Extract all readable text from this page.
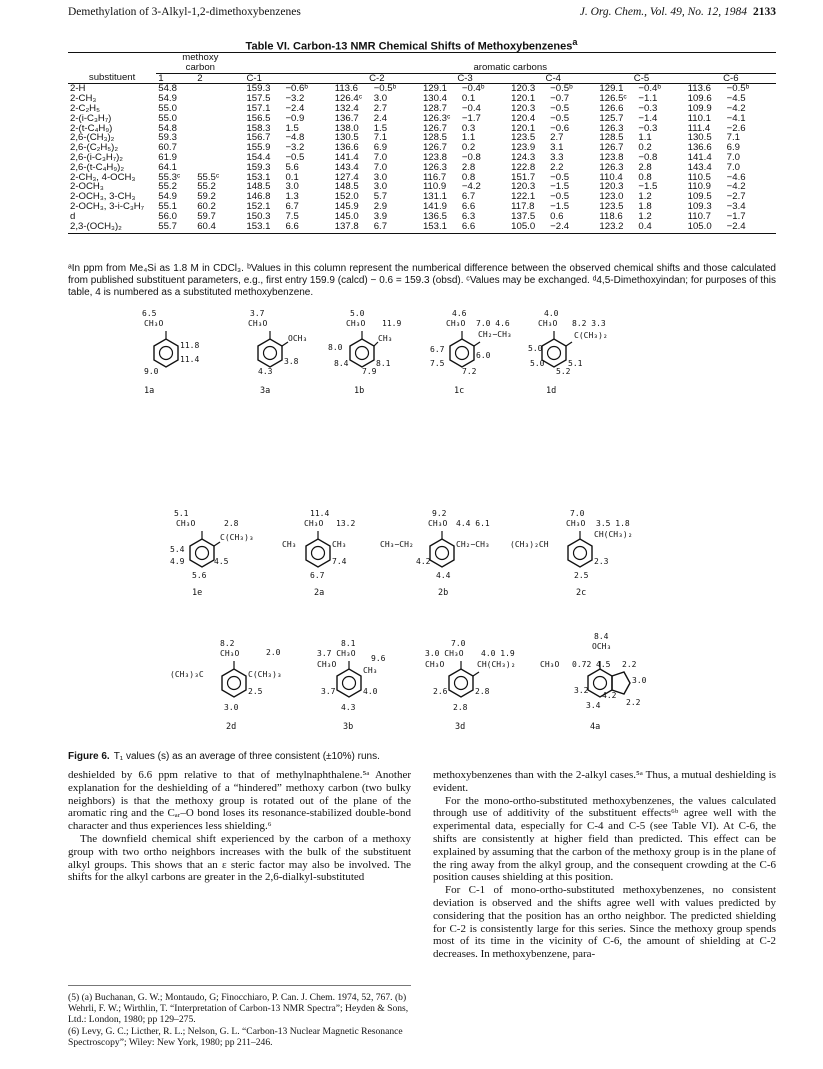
Demethylation of 3-Alkyl-1,2-dimethoxybenzenes	J. Org. Chem., Vol. 49, No. 12, 1984 2133
Table VI. Carbon-13 NMR Chemical Shifts of Methoxybenzenes$^a$
	methoxy													
	carbon		aromatic carbons											
substituent	1	2	C-1		C-2		C-3		C-4		C-5		C-6	
2-H	54.8		159.3	−0.6ᵇ	113.6	−0.5ᵇ	129.1	−0.4ᵇ	120.3	−0.5ᵇ	129.1	−0.4ᵇ	113.6	−0.5ᵇ
2-CH₃	54.9		157.5	−3.2	126.4ᶜ	3.0	130.4	0.1	120.1	−0.7	126.5ᶜ	−1.1	109.6	−4.5
2-C₂H₅	55.0		157.1	−2.4	132.4	2.7	128.7	−0.4	120.3	−0.5	126.6	−0.3	109.9	−4.2
2-(i-C₃H₇)	55.0		156.5	−0.9	136.7	2.4	126.3ᶜ	−1.7	120.4	−0.5	125.7	−1.4	110.1	−4.1
2-(t-C₄H₉)	54.8		158.3	1.5	138.0	1.5	126.7	0.3	120.1	−0.6	126.3	−0.3	111.4	−2.6
2,6-(CH₃)₂	59.3		156.7	−4.8	130.5	7.1	128.5	1.1	123.5	2.7	128.5	1.1	130.5	7.1
2,6-(C₂H₅)₂	60.7		155.9	−3.2	136.6	6.9	126.7	0.2	123.9	3.1	126.7	0.2	136.6	6.9
2,6-(i-C₃H₇)₂	61.9		154.4	−0.5	141.4	7.0	123.8	−0.8	124.3	3.3	123.8	−0.8	141.4	7.0
2,6-(t-C₄H₉)₂	64.1		159.3	5.6	143.4	7.0	126.3	2.8	122.8	2.2	126.3	2.8	143.4	7.0
2-CH₃, 4-OCH₃	55.3ᶜ	55.5ᶜ	153.1	0.1	127.4	3.0	116.7	0.8	151.7	−0.5	110.4	0.8	110.5	−4.6
2-OCH₃	55.2	55.2	148.5	3.0	148.5	3.0	110.9	−4.2	120.3	−1.5	120.3	−1.5	110.9	−4.2
2-OCH₃, 3-CH₃	54.9	59.2	146.8	1.3	152.0	5.7	131.1	6.7	122.1	−0.5	123.0	1.2	109.5	−2.7
2-OCH₃, 3-i-C₃H₇	55.1	60.2	152.1	6.7	145.9	2.9	141.9	6.6	117.8	−1.5	123.5	1.8	109.3	−3.4
d	56.0	59.7	150.3	7.5	145.0	3.9	136.5	6.3	137.5	0.6	118.6	1.2	110.7	−1.7
2,3-(OCH₃)₂	55.7	60.4	153.1	6.6	137.8	6.7	153.1	6.6	105.0	−2.4	123.2	0.4	105.0	−2.4
ᵃIn ppm from Me₄Si as 1.8 M in CDCl₃. ᵇValues in this column represent the numberical difference between the observed chemical shifts and those calculated from published substituent parameters, e.g., first entry 159.9 (calcd) − 0.6 = 159.3 (obsd). ᶜValues may be exchanged. ᵈ4,5-Dimethoxyindan; for purposes of this table, 4 is numbered as a substituted methoxybenzene.
6.5
CH₃O
11.8
11.4
9.0
1a
3.7
CH₃O
OCH₃
3.8
4.3
3a
5.0
CH₃O 11.9
CH₃
8.0
8.4	8.1
7.9
1b
4.6
CH₃O 7.0 4.6
CH₂−CH₃
6.7
7.5
6.0
7.2
1c
4.0
CH₃O 8.2 3.3
C(CH₃)₂
5.0
5.0	5.1
5.2
1d
5.1
CH₃O	2.8
C(CH₃)₃
5.4
4.9	4.5
5.6
1e
11.4
CH₃O 13.2
CH₃	CH₃
7.4
6.7
2a
9.2
CH₃O 4.4 6.1
CH₃−CH₂	CH₂−CH₃
4.2
4.4
2b
7.0
CH₃O 3.5 1.8
(CH₃)₂CH
CH(CH₃)₂
2.3
2.5
2c
8.2
CH₃O	2.0
(CH₃)₃C	C(CH₃)₃
2.5
3.0
2d
8.1
3.7 CH₃O
CH₃O
9.6
CH₃
3.7	4.0
4.3
3b
7.0
3.0 CH₃O 4.0 1.9
CH₃O	CH(CH₃)₂
2.6	2.8
2.8
3d
8.4
OCH₃
CH₃O 0.72 4.5 2.2
3.0
3.2
4.2
3.4	2.2
4a
Figure 6. T₁ values (s) as an average of three consistent (±10%) runs.

deshielded by 6.6 ppm relative to that of methylnaphthalene.⁵ᵃ Another explanation for the deshielding of a “hindered” methoxy carbon (two bulky neighbors) is that the methoxy group is rotated out of the plane of the aromatic ring and the Cₐᵣ–O bond loses its resonance-stabilized double-bond character and thus experiences less shielding.⁶

The downfield chemical shift experienced by the carbon of a methoxy group with two ortho neighbors increases with the bulk of the substituent alkyl groups. This shows that an ε steric factor may also be involved. The shifts for the alkyl carbons are greater in the 2,6-dialkyl-substituted

(5) (a) Buchanan, G. W.; Montaudo, G; Finocchiaro, P. Can. J. Chem. 1974, 52, 767. (b) Wehrli, F. W.; Wirthlin, T. “Interpretation of Carbon-13 NMR Spectra”; Heyden & Sons, Ltd.: London, 1980; pp 129–275.

(6) Levy, G. C.; Licther, R. L.; Nelson, G. L. “Carbon-13 Nuclear Magnetic Resonance Spectroscopy”; Wiley: New York, 1980; pp 211–246.

methoxybenzenes than with the 2-alkyl cases.⁵ᵃ Thus, a mutual deshielding is evident.

For the mono-ortho-substituted methoxybenzenes, the values calculated through use of additivity of the substituent effects⁶ᵇ agree well with the experimental data, especially for C-4 and C-5 (see Table VI). At C-6, the shifts are consistently at higher field than predicted. This effect can be explained by assuming that the carbon of the methoxy group is in the plane of the ring away from the alkyl group, and the consequent crowding at the C-6 position causes shielding at this position.

For C-1 of mono-ortho-substituted methoxybenzenes, no consistent deviation is observed and the shifts agree well with values predicted by considering that the position has an ortho neighbor. The predicted shielding for C-2 is consistently large for this series. Since the methoxy group spends most of its time in the vicinity of C-6, the amount of shielding at C-2 decreases. In methoxybenzene, para-
